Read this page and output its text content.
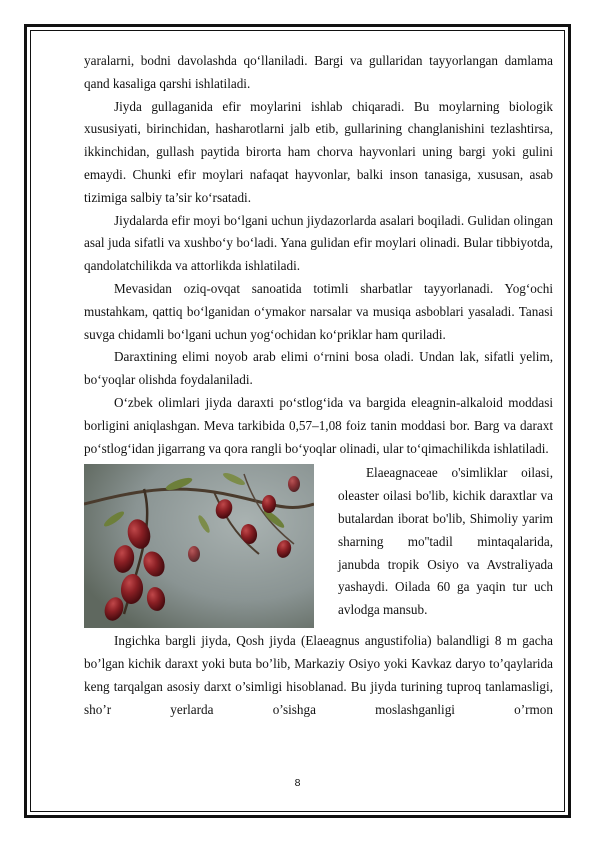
yaralarni, bodni davolashda qo‘llaniladi. Bargi va gullaridan tayyorlangan damlama qand kasaliga qarshi ishlatiladi.

Jiyda gullaganida efir moylarini ishlab chiqaradi. Bu moylarning biologik xususiyati, birinchidan, hasharotlarni jalb etib, gullarining changlanishini tezlashtirsa, ikkinchidan, gullash paytida birorta ham chorva hayvonlari uning bargi yoki gulini emaydi. Chunki efir moylari nafaqat hayvonlar, balki inson tanasiga, xususan, asab tizimiga salbiy ta’sir ko‘rsatadi.

Jiydalarda efir moyi bo‘lgani uchun jiydazorlarda asalari boqiladi. Gulidan olingan asal juda sifatli va xushbo‘y bo‘ladi. Yana gulidan efir moylari olinadi. Bular tibbiyotda, qandolatchilikda va attorlikda ishlatiladi.

Mevasidan oziq-ovqat sanoatida totimli sharbatlar tayyorlanadi. Yog‘ochi mustahkam, qattiq bo‘lganidan o‘ymakor narsalar va musiqa asboblari yasaladi. Tanasi suvga chidamli bo‘lgani uchun yog‘ochidan ko‘priklar ham quriladi.

Daraxtining elimi noyob arab elimi o‘rnini bosa oladi. Undan lak, sifatli yelim, bo‘yoqlar olishda foydalaniladi.

O‘zbek olimlari jiyda daraxti po‘stlog‘ida va bargida eleagnin-alkaloid moddasi borligini aniqlashgan. Meva tarkibida 0,57–1,08 foiz tanin moddasi bor. Barg va daraxt po‘stlog‘idan jigarrang va qora rangli bo‘yoqlar olinadi, ular to‘qimachilikda ishlatiladi.

Elaeagnaceae o'simliklar oilasi, oleaster oilasi bo'lib, kichik daraxtlar va butalardan iborat bo'lib, Shimoliy yarim sharning mo''tadil mintaqalarida, janubda tropik Osiyo va Avstraliyada yashaydi. Oilada 60 ga yaqin tur uch avlodga mansub.

Ingichka bargli jiyda, Qosh jiyda (Elaeagnus angustifolia) balandligi 8 m gacha bo’lgan kichik daraxt yoki buta bo’lib, Markaziy Osiyo yoki Kavkaz daryo to’qaylarida keng tarqalgan asosiy darxt o’simligi hisoblanad. Bu jiyda turining tuproq tanlamasligi, sho’r yerlarda o’sishga moslashganligi o’rmon

8
